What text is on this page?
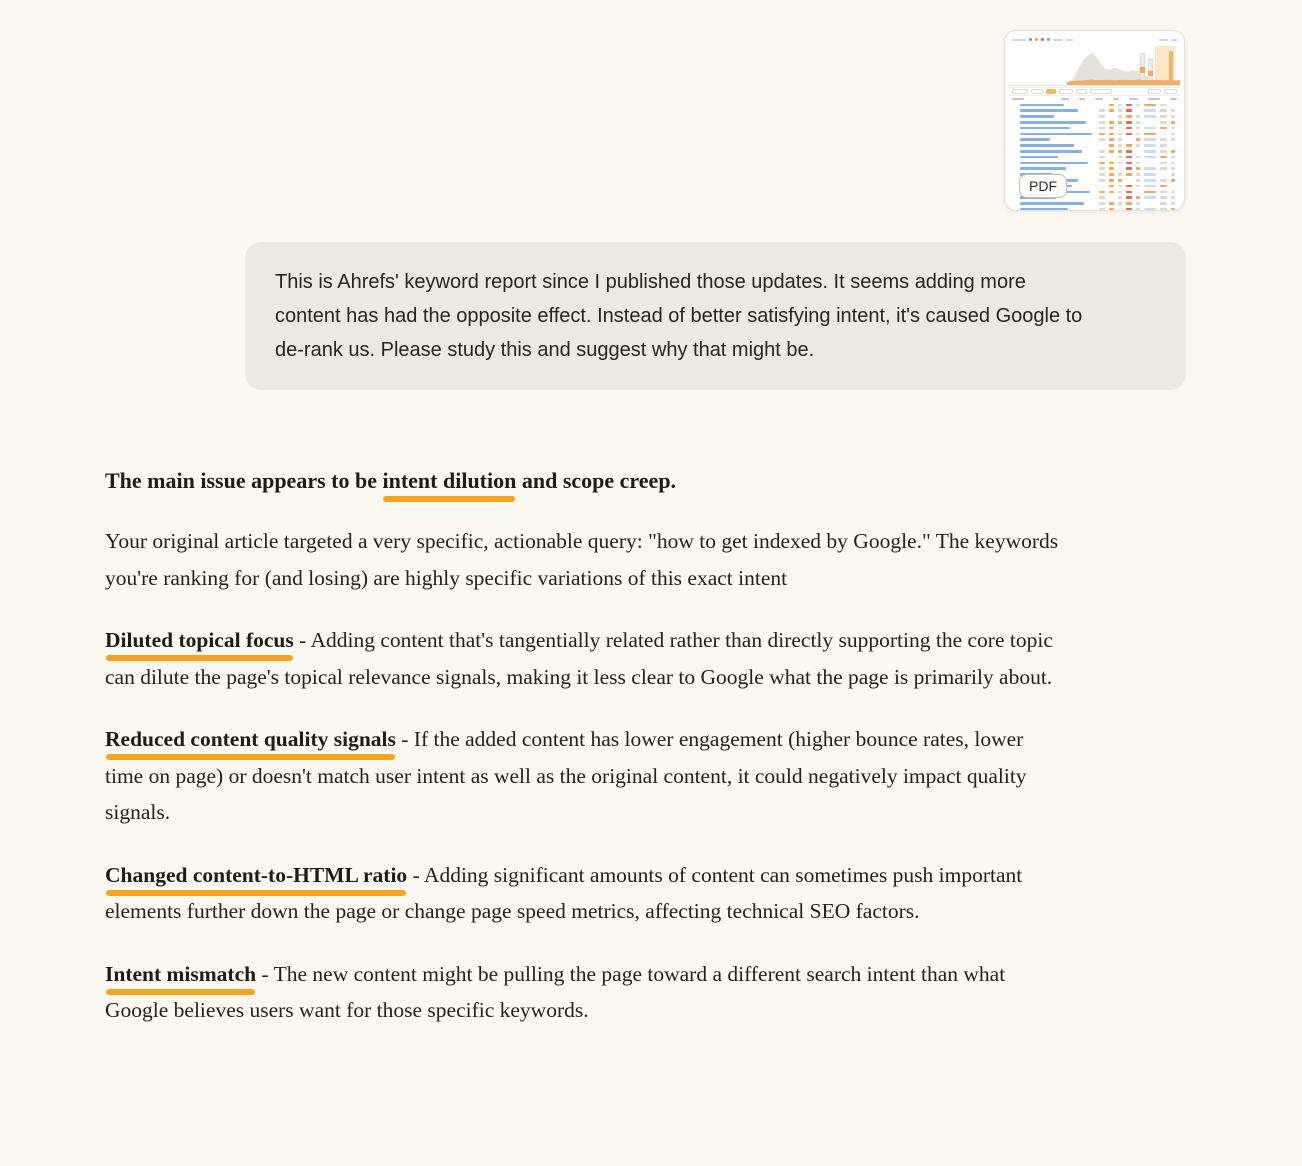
PDF

This is Ahrefs' keyword report since I published those updates. It seems adding more content has had the opposite effect. Instead of better satisfying intent, it's caused Google to de-rank us. Please study this and suggest why that might be.

The main issue appears to be intent dilution and scope creep.

Your original article targeted a very specific, actionable query: "how to get indexed by Google." The keywords you're ranking for (and losing) are highly specific variations of this exact intent

Diluted topical focus - Adding content that's tangentially related rather than directly supporting the core topic can dilute the page's topical relevance signals, making it less clear to Google what the page is primarily about.

Reduced content quality signals - If the added content has lower engagement (higher bounce rates, lower time on page) or doesn't match user intent as well as the original content, it could negatively impact quality signals.

Changed content-to-HTML ratio - Adding significant amounts of content can sometimes push important elements further down the page or change page speed metrics, affecting technical SEO factors.

Intent mismatch - The new content might be pulling the page toward a different search intent than what Google believes users want for those specific keywords.
